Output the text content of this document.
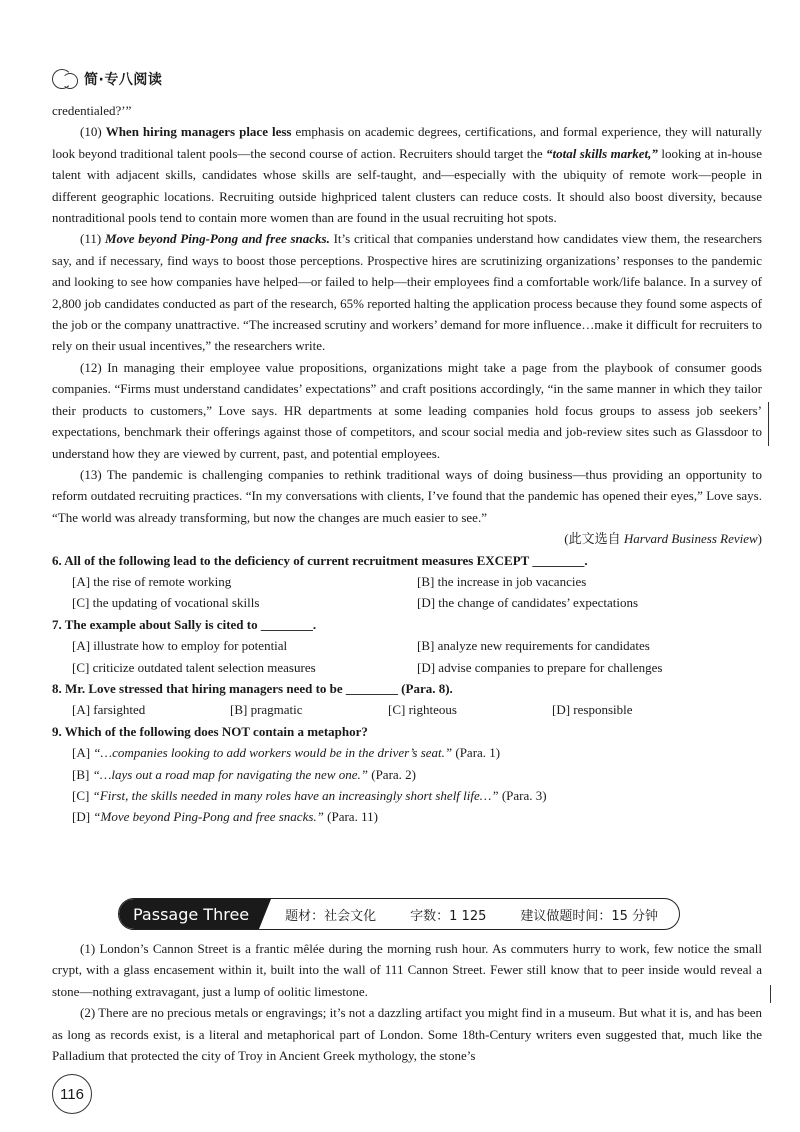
简·专八阅读

credentialed?’”

(10) When hiring managers place less emphasis on academic degrees, certifications, and formal experience, they will naturally look beyond traditional talent pools—the second course of action. Recruiters should target the “total skills market,” looking at in-house talent with adjacent skills, candidates whose skills are self-taught, and—especially with the ubiquity of remote work—people in different geographic locations. Recruiting outside highpriced talent clusters can reduce costs. It should also boost diversity, because nontraditional pools tend to contain more women than are found in the usual recruiting hot spots.

(11) Move beyond Ping-Pong and free snacks. It’s critical that companies understand how candidates view them, the researchers say, and if necessary, find ways to boost those perceptions. Prospective hires are scrutinizing organizations’ responses to the pandemic and looking to see how companies have helped—or failed to help—their employees find a comfortable work/life balance. In a survey of 2,800 job candidates conducted as part of the research, 65% reported halting the application process because they found some aspects of the job or the company unattractive. “The increased scrutiny and workers’ demand for more influence…make it difficult for recruiters to rely on their usual incentives,” the researchers write.

(12) In managing their employee value propositions, organizations might take a page from the playbook of consumer goods companies. “Firms must understand candidates’ expectations” and craft positions accordingly, “in the same manner in which they tailor their products to customers,” Love says. HR departments at some leading companies hold focus groups to assess job seekers’ expectations, benchmark their offerings against those of competitors, and scour social media and job-review sites such as Glassdoor to understand how they are viewed by current, past, and potential employees.

(13) The pandemic is challenging companies to rethink traditional ways of doing business—thus providing an opportunity to reform outdated recruiting practices. “In my conversations with clients, I’ve found that the pandemic has opened their eyes,” Love says. “The world was already transforming, but now the changes are much easier to see.”

(此文选自 Harvard Business Review)

6. All of the following lead to the deficiency of current recruitment measures EXCEPT ________.

[A] the rise of remote working	[B] the increase in job vacancies
[C] the updating of vocational skills	[D] the change of candidates’ expectations

7. The example about Sally is cited to ________.

[A] illustrate how to employ for potential	[B] analyze new requirements for candidates
[C] criticize outdated talent selection measures	[D] advise companies to prepare for challenges

8. Mr. Love stressed that hiring managers need to be ________ (Para. 8).

[A] farsighted	[B] pragmatic	[C] righteous	[D] responsible

9. Which of the following does NOT contain a metaphor?

[A] “…companies looking to add workers would be in the driver’s seat.” (Para. 1)
[B] “…lays out a road map for navigating the new one.” (Para. 2)
[C] “First, the skills needed in many roles have an increasingly short shelf life…” (Para. 3)
[D] “Move beyond Ping-Pong and free snacks.” (Para. 11)
Passage Three	题材：社会文化	字数：1 125	建议做题时间：15 分钟

(1) London’s Cannon Street is a frantic mêlée during the morning rush hour. As commuters hurry to work, few notice the small crypt, with a glass encasement within it, built into the wall of 111 Cannon Street. Fewer still know that to peer inside would reveal a stone—nothing extravagant, just a lump of oolitic limestone.

(2) There are no precious metals or engravings; it’s not a dazzling artifact you might find in a museum. But what it is, and has been as long as records exist, is a literal and metaphorical part of London. Some 18th-Century writers even suggested that, much like the Palladium that protected the city of Troy in Ancient Greek mythology, the stone’s

116
